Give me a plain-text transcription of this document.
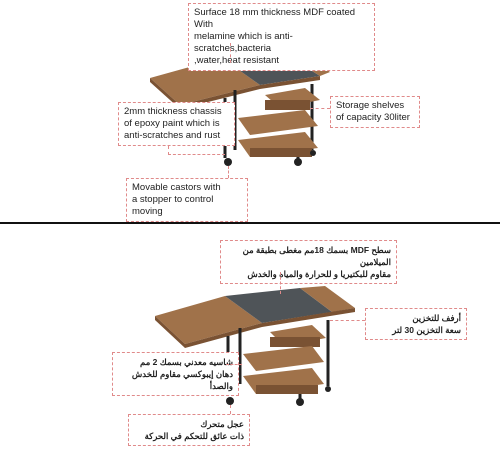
Surface 18 mm thickness MDF coated With
melamine which is anti-scratches,bacteria
,water,heat resistant
2mm thickness chassis
of epoxy paint which is
anti-scratches and rust
Storage shelves
of capacity 30liter
Movable castors with
a stopper to control moving
سطح MDF بسمك 18مم مغطى بطبقة من الميلامين
مقاوم للبكتيريا و للحرارة والمياه والخدش
أرفف للتخزين
سعة التخزين 30 لتر
شاسيه معدني بسمك 2 مم
دهان إيبوكسي مقاوم للخدش والصدأ
عجل متحرك
ذات عائق للتحكم في الحركة
